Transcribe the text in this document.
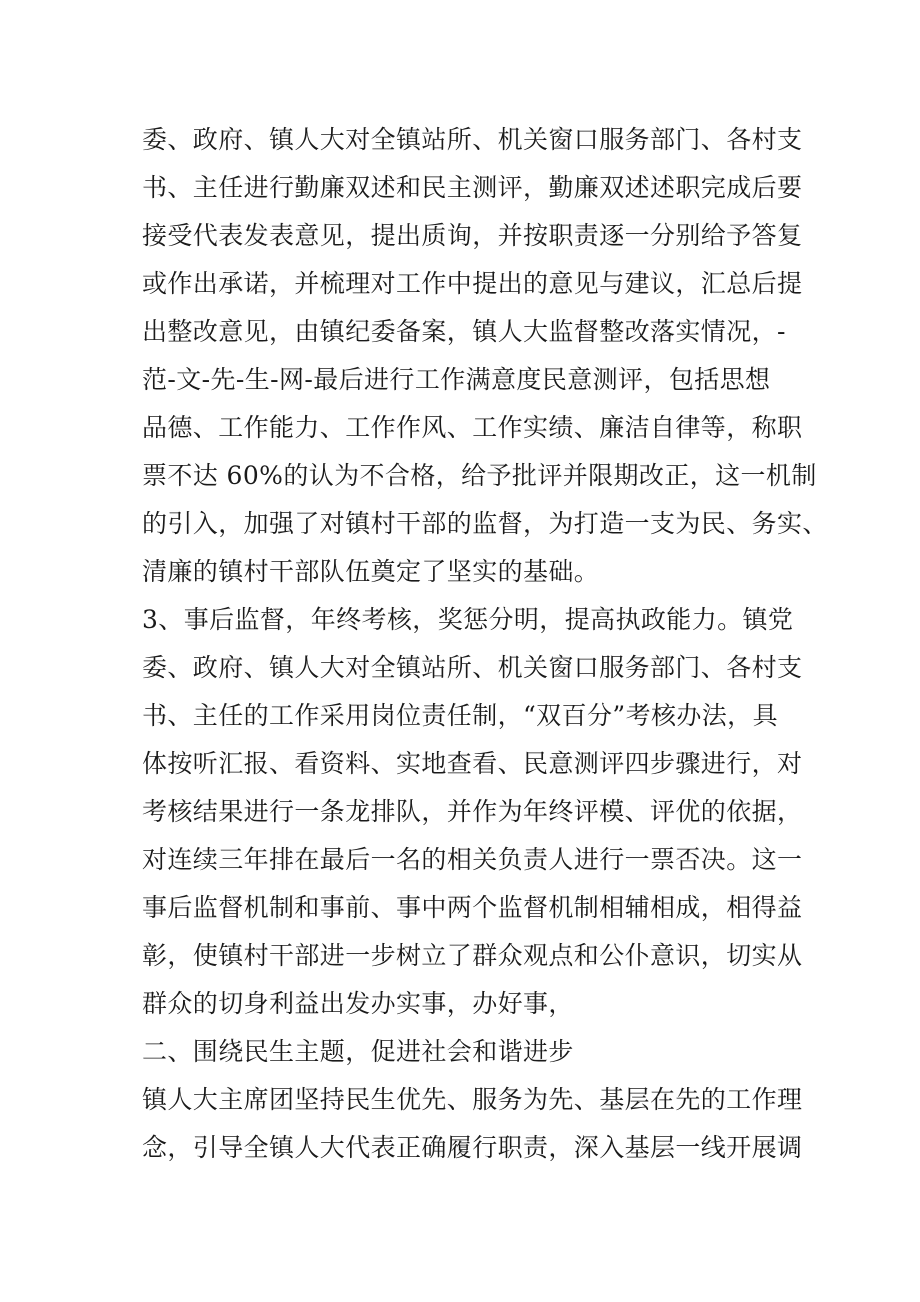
委、政府、镇人大对全镇站所、机关窗口服务部门、各村支
书、主任进行勤廉双述和民主测评，勤廉双述述职完成后要
接受代表发表意见，提出质询，并按职责逐一分别给予答复
或作出承诺，并梳理对工作中提出的意见与建议，汇总后提
出整改意见，由镇纪委备案，镇人大监督整改落实情况，-
范-文-先-生-网-最后进行工作满意度民意测评，包括思想
品德、工作能力、工作作风、工作实绩、廉洁自律等，称职
票不达 60%的认为不合格，给予批评并限期改正，这一机制
的引入，加强了对镇村干部的监督，为打造一支为民、务实、
清廉的镇村干部队伍奠定了坚实的基础。
3、事后监督，年终考核，奖惩分明，提高执政能力。镇党
委、政府、镇人大对全镇站所、机关窗口服务部门、各村支
书、主任的工作采用岗位责任制，“双百分”考核办法，具
体按听汇报、看资料、实地查看、民意测评四步骤进行，对
考核结果进行一条龙排队，并作为年终评模、评优的依据，
对连续三年排在最后一名的相关负责人进行一票否决。这一
事后监督机制和事前、事中两个监督机制相辅相成，相得益
彰，使镇村干部进一步树立了群众观点和公仆意识，切实从
群众的切身利益出发办实事，办好事，
二、围绕民生主题，促进社会和谐进步
镇人大主席团坚持民生优先、服务为先、基层在先的工作理
念，引导全镇人大代表正确履行职责，深入基层一线开展调
